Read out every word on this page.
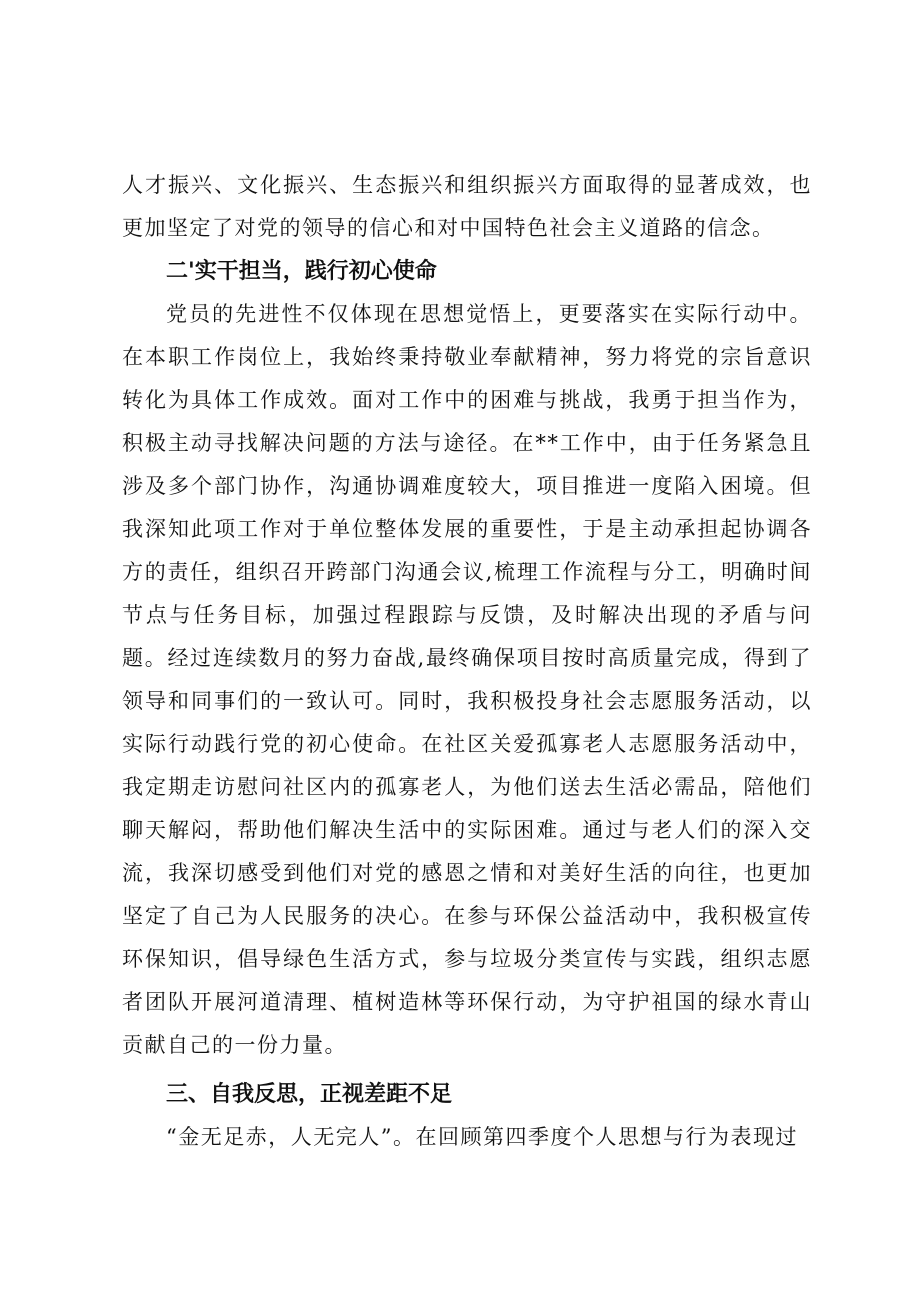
人才振兴、文化振兴、生态振兴和组织振兴方面取得的显著成效，也更加坚定了对党的领导的信心和对中国特色社会主义道路的信念。

二'实干担当，践行初心使命

党员的先进性不仅体现在思想觉悟上，更要落实在实际行动中。在本职工作岗位上，我始终秉持敬业奉献精神，努力将党的宗旨意识转化为具体工作成效。面对工作中的困难与挑战，我勇于担当作为，积极主动寻找解决问题的方法与途径。在**工作中，由于任务紧急且涉及多个部门协作，沟通协调难度较大，项目推进一度陷入困境。但我深知此项工作对于单位整体发展的重要性，于是主动承担起协调各方的责任，组织召开跨部门沟通会议,梳理工作流程与分工，明确时间节点与任务目标，加强过程跟踪与反馈，及时解决出现的矛盾与问题。经过连续数月的努力奋战,最终确保项目按时高质量完成，得到了领导和同事们的一致认可。同时，我积极投身社会志愿服务活动，以实际行动践行党的初心使命。在社区关爱孤寡老人志愿服务活动中，我定期走访慰问社区内的孤寡老人，为他们送去生活必需品，陪他们聊天解闷，帮助他们解决生活中的实际困难。通过与老人们的深入交流，我深切感受到他们对党的感恩之情和对美好生活的向往，也更加坚定了自己为人民服务的决心。在参与环保公益活动中，我积极宣传环保知识，倡导绿色生活方式，参与垃圾分类宣传与实践，组织志愿者团队开展河道清理、植树造林等环保行动，为守护祖国的绿水青山贡献自己的一份力量。

三、自我反思，正视差距不足

“金无足赤，人无完人”。在回顾第四季度个人思想与行为表现过
